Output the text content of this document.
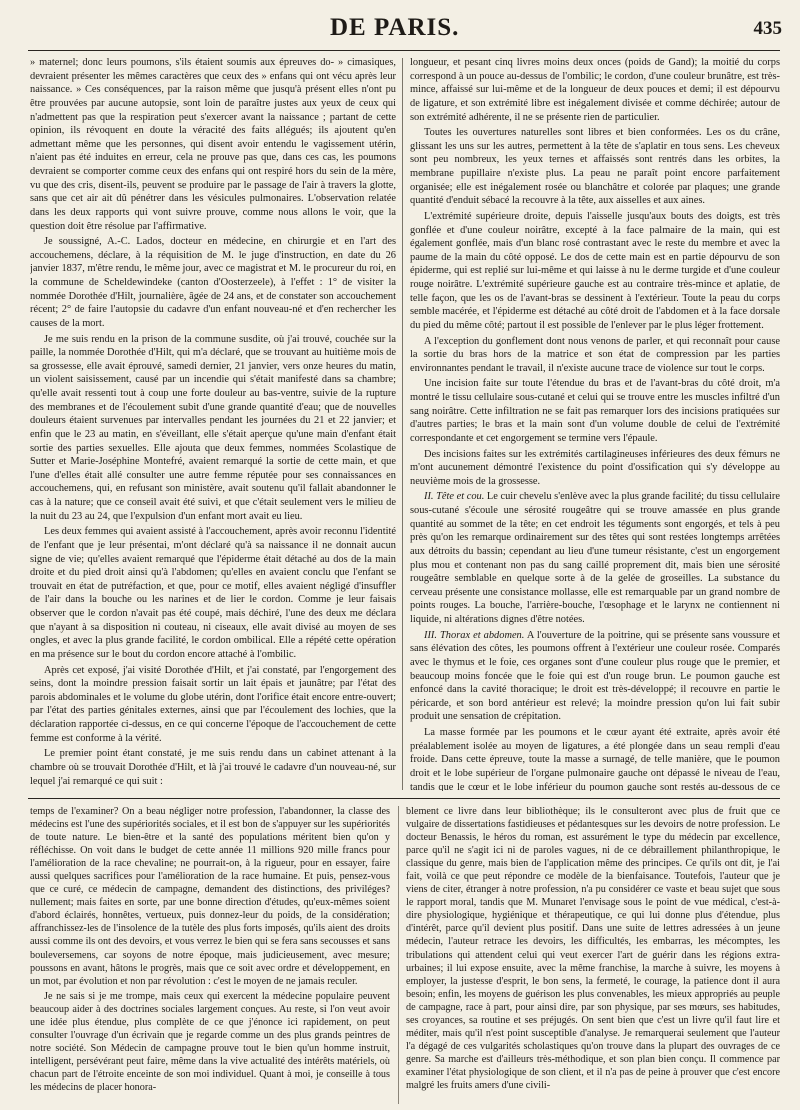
DE PARIS.	435

» maternel; donc leurs poumons, s'ils étaient soumis aux épreuves do- » cimasiques, devraient présenter les mêmes caractères que ceux des » enfans qui ont vécu après leur naissance. » Ces conséquences, par la raison même que jusqu'à présent elles n'ont pu être prouvées par aucune autopsie, sont loin de paraître justes aux yeux de ceux qui n'admettent pas que la respiration peut s'exercer avant la naissance ; partant de cette opinion, ils révoquent en doute la véracité des faits allégués; ils ajoutent qu'en admettant même que les personnes, qui disent avoir entendu le vagissement utérin, n'aient pas été induites en erreur, cela ne prouve pas que, dans ces cas, les poumons devraient se comporter comme ceux des enfans qui ont respiré hors du sein de la mère, vu que des cris, disent-ils, peuvent se produire par le passage de l'air à travers la glotte, sans que cet air ait dû pénétrer dans les vésicules pulmonaires. L'observation relatée dans les deux rapports qui vont suivre prouve, comme nous allons le voir, que la question doit être résolue par l'affirmative.

Je soussigné, A.-C. Lados, docteur en médecine, en chirurgie et en l'art des accouchemens, déclare, à la réquisition de M. le juge d'instruction, en date du 26 janvier 1837, m'être rendu, le même jour, avec ce magistrat et M. le procureur du roi, en la commune de Scheldewindeke (canton d'Oosterzeele), à l'effet : 1° de visiter la nommée Dorothée d'Hilt, journalière, âgée de 24 ans, et de constater son accouchement récent; 2° de faire l'autopsie du cadavre d'un enfant nouveau-né et d'en rechercher les causes de la mort.

Je me suis rendu en la prison de la commune susdite, où j'ai trouvé, couchée sur la paille, la nommée Dorothée d'Hilt, qui m'a déclaré, que se trouvant au huitième mois de sa grossesse, elle avait éprouvé, samedi dernier, 21 janvier, vers onze heures du matin, un violent saisissement, causé par un incendie qui s'était manifesté dans sa chambre; qu'elle avait ressenti tout à coup une forte douleur au bas-ventre, suivie de la rupture des membranes et de l'écoulement subit d'une grande quantité d'eau; que de nouvelles douleurs étaient survenues par intervalles pendant les journées du 21 et 22 janvier; et enfin que le 23 au matin, en s'éveillant, elle s'était aperçue qu'une main d'enfant était sortie des parties sexuelles. Elle ajouta que deux femmes, nommées Scolastique de Sutter et Marie-Joséphine Montefré, avaient remarqué la sortie de cette main, et que l'une d'elles était allé consulter une autre femme réputée pour ses connaissances en accouchemens, qui, en refusant son ministère, avait soutenu qu'il fallait abandonner le cas à la nature; que ce conseil avait été suivi, et que c'était seulement vers le milieu de la nuit du 23 au 24, que l'expulsion d'un enfant mort avait eu lieu.

Les deux femmes qui avaient assisté à l'accouchement, après avoir reconnu l'identité de l'enfant que je leur présentai, m'ont déclaré qu'à sa naissance il ne donnait aucun signe de vie; qu'elles avaient remarqué que l'épiderme était détaché au dos de la main droite et du pied droit ainsi qu'à l'abdomen; qu'elles en avaient conclu que l'enfant se trouvait en état de putréfaction, et que, pour ce motif, elles avaient négligé d'insuffler de l'air dans la bouche ou les narines et de lier le cordon. Comme je leur faisais observer que le cordon n'avait pas été coupé, mais déchiré, l'une des deux me déclara que n'ayant à sa disposition ni couteau, ni ciseaux, elle avait divisé au moyen de ses ongles, et avec la plus grande facilité, le cordon ombilical. Elle a répété cette opération en ma présence sur le bout du cordon encore attaché à l'ombilic.

Après cet exposé, j'ai visité Dorothée d'Hilt, et j'ai constaté, par l'engorgement des seins, dont la moindre pression faisait sortir un lait épais et jaunâtre; par l'état des parois abdominales et le volume du globe utérin, dont l'orifice était encore entre-ouvert; par l'état des parties génitales externes, ainsi que par l'écoulement des lochies, que la déclaration rapportée ci-dessus, en ce qui concerne l'époque de l'accouchement de cette femme est conforme à la vérité.

Le premier point étant constaté, je me suis rendu dans un cabinet attenant à la chambre où se trouvait Dorothée d'Hilt, et là j'ai trouvé le cadavre d'un nouveau-né, sur lequel j'ai remarqué ce qui suit :

longueur, et pesant cinq livres moins deux onces (poids de Gand); la moitié du corps correspond à un pouce au-dessus de l'ombilic; le cordon, d'une couleur brunâtre, est très-mince, affaissé sur lui-même et de la longueur de deux pouces et demi; il est dépourvu de ligature, et son extrémité libre est inégalement divisée et comme déchirée; autour de son extrémité adhérente, il ne se présente rien de particulier.

Toutes les ouvertures naturelles sont libres et bien conformées. Les os du crâne, glissant les uns sur les autres, permettent à la tête de s'aplatir en tous sens. Les cheveux sont peu nombreux, les yeux ternes et affaissés sont rentrés dans les orbites, la membrane pupillaire n'existe plus. La peau ne paraît point encore parfaitement organisée; elle est inégalement rosée ou blanchâtre et colorée par plaques; une grande quantité d'enduit sébacé la recouvre à la tête, aux aisselles et aux aines.

L'extrémité supérieure droite, depuis l'aisselle jusqu'aux bouts des doigts, est très gonflée et d'une couleur noirâtre, excepté à la face palmaire de la main, qui est également gonflée, mais d'un blanc rosé contrastant avec le reste du membre et avec la paume de la main du côté opposé. Le dos de cette main est en partie dépourvu de son épiderme, qui est replié sur lui-même et qui laisse à nu le derme turgide et d'une couleur rouge noirâtre. L'extrémité supérieure gauche est au contraire très-mince et aplatie, de telle façon, que les os de l'avant-bras se dessinent à l'extérieur. Toute la peau du corps semble macérée, et l'épiderme est détaché au côté droit de l'abdomen et à la face dorsale du pied du même côté; partout il est possible de l'enlever par le plus léger frottement.

A l'exception du gonflement dont nous venons de parler, et qui reconnaît pour cause la sortie du bras hors de la matrice et son état de compression par les parties environnantes pendant le travail, il n'existe aucune trace de violence sur tout le corps.

Une incision faite sur toute l'étendue du bras et de l'avant-bras du côté droit, m'a montré le tissu cellulaire sous-cutané et celui qui se trouve entre les muscles infiltré d'un sang noirâtre. Cette infiltration ne se fait pas remarquer lors des incisions pratiquées sur d'autres parties; le bras et la main sont d'un volume double de celui de l'extrémité correspondante et cet engorgement se termine vers l'épaule.

Des incisions faites sur les extrémités cartilagineuses inférieures des deux fémurs ne m'ont aucunement démontré l'existence du point d'ossification qui s'y développe au neuvième mois de la grossesse.

II. Tête et cou. Le cuir chevelu s'enlève avec la plus grande facilité; du tissu cellulaire sous-cutané s'écoule une sérosité rougeâtre qui se trouve amassée en plus grande quantité au sommet de la tête; en cet endroit les téguments sont engorgés, et tels à peu près qu'on les remarque ordinairement sur des têtes qui sont restées longtemps arrêtées aux détroits du bassin; cependant au lieu d'une tumeur résistante, c'est un engorgement plus mou et contenant non pas du sang caillé proprement dit, mais bien une sérosité rougeâtre semblable en quelque sorte à de la gelée de groseilles. La substance du cerveau présente une consistance mollasse, elle est remarquable par un grand nombre de points rouges. La bouche, l'arrière-bouche, l'œsophage et le larynx ne contiennent ni liquide, ni altérations dignes d'être notées.

III. Thorax et abdomen. A l'ouverture de la poitrine, qui se présente sans voussure et sans élévation des côtes, les poumons offrent à l'extérieur une couleur rosée. Comparés avec le thymus et le foie, ces organes sont d'une couleur plus rouge que le premier, et beaucoup moins foncée que le foie qui est d'un rouge brun. Le poumon gauche est enfoncé dans la cavité thoracique; le droit est très-développé; il recouvre en partie le péricarde, et son bord antérieur est relevé; la moindre pression qu'on lui fait subir produit une sensation de crépitation.

La masse formée par les poumons et le cœur ayant été extraite, après avoir été préalablement isolée au moyen de ligatures, a été plongée dans un seau rempli d'eau froide. Dans cette épreuve, toute la masse a surnagé, de telle manière, que le poumon droit et le lobe supérieur de l'organe pulmonaire gauche ont dépassé le niveau de l'eau, tandis que le cœur et le lobe inférieur du poumon gauche sont restés au-dessous de ce

temps de l'examiner? On a beau négliger notre profession, l'abandonner, la classe des médecins est l'une des supériorités sociales, et il est bon de s'appuyer sur les supériorités de toute nature. Le bien-être et la santé des populations méritent bien qu'on y réfléchisse. On voit dans le budget de cette année 11 millions 920 mille francs pour l'amélioration de la race chevaline; ne pourrait-on, à la rigueur, pour en essayer, faire aussi quelques sacrifices pour l'amélioration de la race humaine. Et puis, pensez-vous que ce curé, ce médecin de campagne, demandent des distinctions, des priviléges? nullement; mais faites en sorte, par une bonne direction d'études, qu'eux-mêmes soient d'abord éclairés, honnêtes, vertueux, puis donnez-leur du poids, de la considération; affranchissez-les de l'insolence de la tutèle des plus forts imposés, qu'ils aient des droits aussi comme ils ont des devoirs, et vous verrez le bien qui se fera sans secousses et sans bouleversemens, car soyons de notre époque, mais judicieusement, avec mesure; poussons en avant, hâtons le progrès, mais que ce soit avec ordre et développement, en un mot, par évolution et non par révolution : c'est le moyen de ne jamais reculer.

Je ne sais si je me trompe, mais ceux qui exercent la médecine populaire peuvent beaucoup aider à des doctrines sociales largement conçues. Au reste, si l'on veut avoir une idée plus étendue, plus complète de ce que j'énonce ici rapidement, on peut consulter l'ouvrage d'un écrivain que je regarde comme un des plus grands peintres de notre société. Son Médecin de campagne prouve tout le bien qu'un homme instruit, intelligent, persévérant peut faire, même dans la vive actualité des intérêts matériels, où chacun part de l'étroite enceinte de son moi individuel. Quant à moi, je conseille à tous les médecins de placer honora-

blement ce livre dans leur bibliothèque; ils le consulteront avec plus de fruit que ce vulgaire de dissertations fastidieuses et pédantesques sur les devoirs de notre profession. Le docteur Benassis, le héros du roman, est assurément le type du médecin par excellence, parce qu'il ne s'agit ici ni de paroles vagues, ni de ce débraillement philanthropique, le classique du genre, mais bien de l'application même des principes. Ce qu'ils ont dit, je l'ai fait, voilà ce que peut répondre ce modèle de la bienfaisance. Toutefois, l'auteur que je viens de citer, étranger à notre profession, n'a pu considérer ce vaste et beau sujet que sous le rapport moral, tandis que M. Munaret l'envisage sous le point de vue médical, c'est-à-dire physiologique, hygiénique et thérapeutique, ce qui lui donne plus d'étendue, plus d'intérêt, parce qu'il devient plus positif. Dans une suite de lettres adressées à un jeune médecin, l'auteur retrace les devoirs, les difficultés, les embarras, les mécomptes, les tribulations qui attendent celui qui veut exercer l'art de guérir dans les régions extra-urbaines; il lui expose ensuite, avec la même franchise, la marche à suivre, les moyens à employer, la justesse d'esprit, le bon sens, la fermeté, le courage, la patience dont il aura besoin; enfin, les moyens de guérison les plus convenables, les mieux appropriés au peuple de campagne, race à part, pour ainsi dire, par son physique, par ses mœurs, ses habitudes, ses croyances, sa routine et ses préjugés. On sent bien que c'est un livre qu'il faut lire et méditer, mais qu'il n'est point susceptible d'analyse. Je remarquerai seulement que l'auteur l'a dégagé de ces vulgarités scholastiques qu'on trouve dans la plupart des ouvrages de ce genre. Sa marche est d'ailleurs très-méthodique, et son plan bien conçu. Il commence par examiner l'état physiologique de son client, et il n'a pas de peine à prouver que c'est encore malgré les fruits amers d'une civili-
